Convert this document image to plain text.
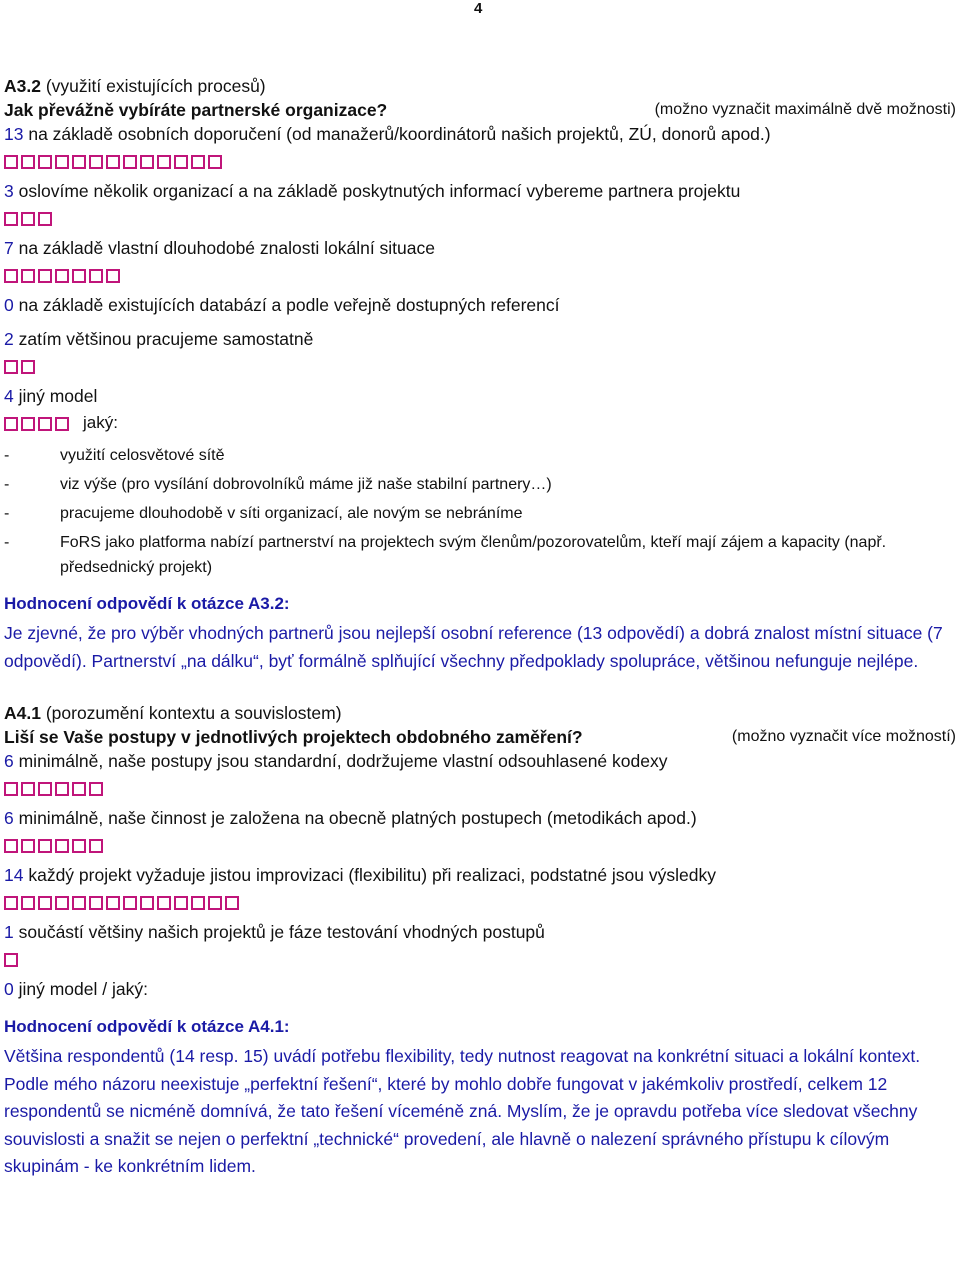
4

A3.2 (využití existujících procesů)

Jak převážně vybíráte partnerské organizace?	(možno vyznačit maximálně dvě možnosti)

13 na základě osobních doporučení (od manažerů/koordinátorů našich projektů, ZÚ, donorů apod.)

3 oslovíme několik organizací a na základě poskytnutých informací vybereme partnera projektu

7 na základě vlastní dlouhodobé znalosti lokální situace

0 na základě existujících databází a podle veřejně dostupných referencí

2 zatím většinou pracujeme samostatně

4 jiný model

jaký:
- využití celosvětové sítě
- viz výše (pro vysílání dobrovolníků máme již naše stabilní partnery…)
- pracujeme dlouhodobě v síti organizací, ale novým se nebráníme
- FoRS jako platforma nabízí partnerství na projektech svým členům/pozorovatelům, kteří mají zájem a kapacity (např. předsednický projekt)
Hodnocení odpovědí k otázce A3.2:

Je zjevné, že pro výběr vhodných partnerů jsou nejlepší osobní reference (13 odpovědí) a dobrá znalost místní situace (7 odpovědí). Partnerství „na dálku“, byť formálně splňující všechny předpoklady spolupráce, většinou nefunguje nejlépe.

A4.1 (porozumění kontextu a souvislostem)

Liší se Vaše postupy v jednotlivých projektech obdobného zaměření?	(možno vyznačit více možností)

6 minimálně, naše postupy jsou standardní, dodržujeme vlastní odsouhlasené kodexy

6 minimálně, naše činnost je založena na obecně platných postupech (metodikách apod.)

14 každý projekt vyžaduje jistou improvizaci (flexibilitu) při realizaci, podstatné jsou výsledky

1 součástí většiny našich projektů je fáze testování vhodných postupů

0 jiný model / jaký:

Hodnocení odpovědí k otázce A4.1:

Většina respondentů (14 resp. 15) uvádí potřebu flexibility, tedy nutnost reagovat na konkrétní situaci a lokální kontext. Podle mého názoru neexistuje „perfektní řešení“, které by mohlo dobře fungovat v jakémkoliv prostředí, celkem 12 respondentů se nicméně domnívá, že tato řešení víceméně zná. Myslím, že je opravdu potřeba více sledovat všechny souvislosti a snažit se nejen o perfektní „technické“ provedení, ale hlavně o nalezení správného přístupu k cílovým skupinám - ke konkrétním lidem.
